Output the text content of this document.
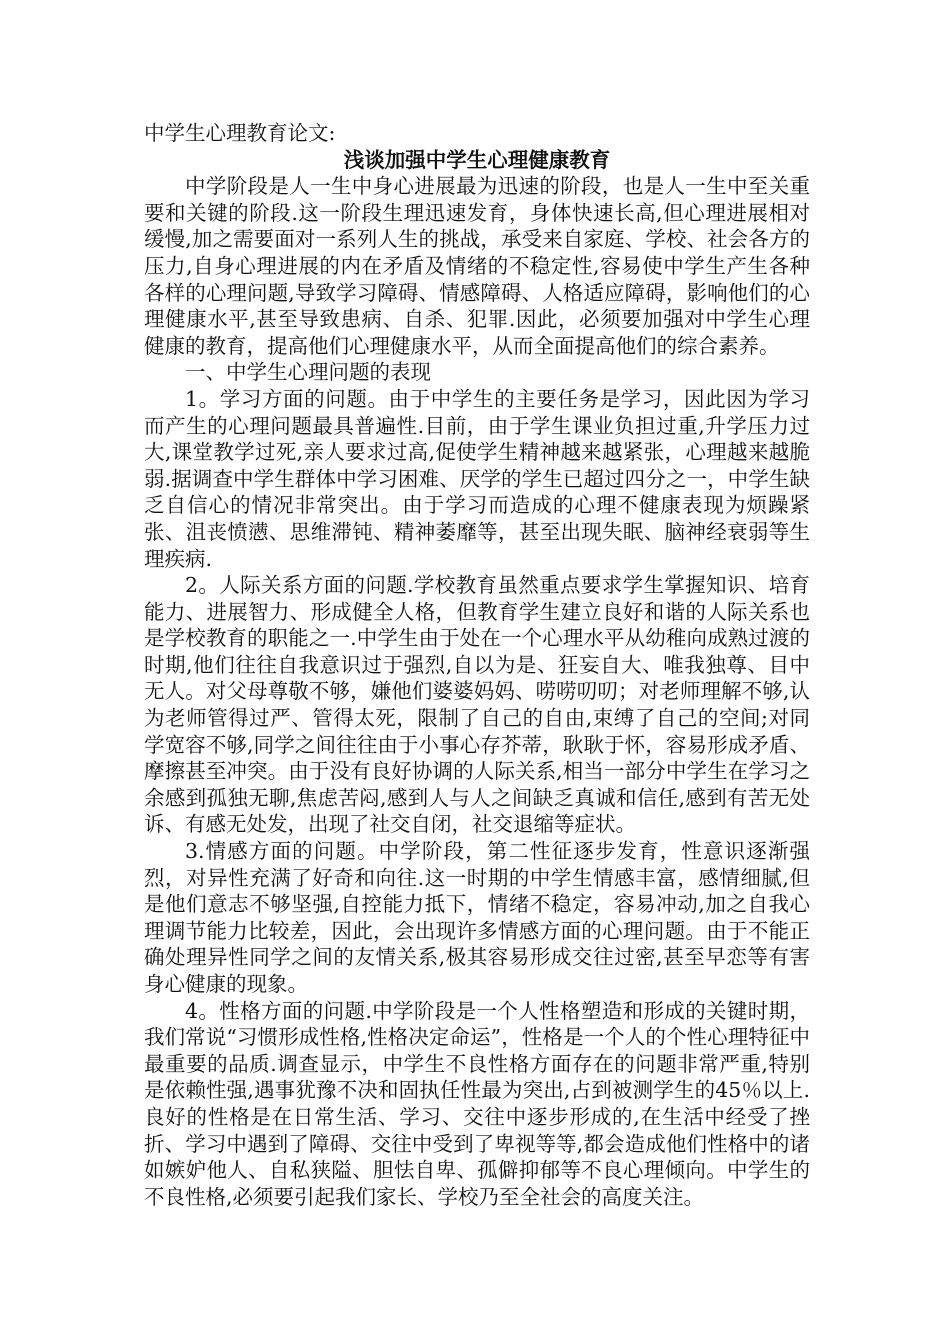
中学生心理教育论文:

浅谈加强中学生心理健康教育

中学阶段是人一生中身心进展最为迅速的阶段，也是人一生中至关重要和关键的阶段.这一阶段生理迅速发育，身体快速长高,但心理进展相对缓慢,加之需要面对一系列人生的挑战，承受来自家庭、学校、社会各方的压力,自身心理进展的内在矛盾及情绪的不稳定性,容易使中学生产生各种各样的心理问题,导致学习障碍、情感障碍、人格适应障碍，影响他们的心理健康水平,甚至导致患病、自杀、犯罪.因此，必须要加强对中学生心理健康的教育，提高他们心理健康水平，从而全面提高他们的综合素养。

一、中学生心理问题的表现

1。学习方面的问题。由于中学生的主要任务是学习，因此因为学习而产生的心理问题最具普遍性.目前，由于学生课业负担过重,升学压力过大,课堂教学过死,亲人要求过高,促使学生精神越来越紧张，心理越来越脆弱.据调查中学生群体中学习困难、厌学的学生已超过四分之一，中学生缺乏自信心的情况非常突出。由于学习而造成的心理不健康表现为烦躁紧张、沮丧愤懑、思维滞钝、精神萎靡等，甚至出现失眠、脑神经衰弱等生理疾病.

2。人际关系方面的问题.学校教育虽然重点要求学生掌握知识、培育能力、进展智力、形成健全人格，但教育学生建立良好和谐的人际关系也是学校教育的职能之一.中学生由于处在一个心理水平从幼稚向成熟过渡的时期,他们往往自我意识过于强烈,自以为是、狂妄自大、唯我独尊、目中无人。对父母尊敬不够，嫌他们婆婆妈妈、唠唠叨叨；对老师理解不够,认为老师管得过严、管得太死，限制了自己的自由,束缚了自己的空间;对同学宽容不够,同学之间往往由于小事心存芥蒂，耿耿于怀，容易形成矛盾、摩擦甚至冲突。由于没有良好协调的人际关系,相当一部分中学生在学习之余感到孤独无聊,焦虑苦闷,感到人与人之间缺乏真诚和信任,感到有苦无处诉、有感无处发，出现了社交自闭，社交退缩等症状。

3.情感方面的问题。中学阶段，第二性征逐步发育，性意识逐渐强烈，对异性充满了好奇和向往.这一时期的中学生情感丰富，感情细腻,但是他们意志不够坚强,自控能力抵下，情绪不稳定，容易冲动,加之自我心理调节能力比较差，因此，会出现许多情感方面的心理问题。由于不能正确处理异性同学之间的友情关系,极其容易形成交往过密,甚至早恋等有害身心健康的现象。

4。性格方面的问题.中学阶段是一个人性格塑造和形成的关键时期，我们常说“习惯形成性格,性格决定命运”，性格是一个人的个性心理特征中最重要的品质.调查显示，中学生不良性格方面存在的问题非常严重,特别是依赖性强,遇事犹豫不决和固执任性最为突出,占到被测学生的45％以上.良好的性格是在日常生活、学习、交往中逐步形成的,在生活中经受了挫折、学习中遇到了障碍、交往中受到了卑视等等,都会造成他们性格中的诸如嫉妒他人、自私狭隘、胆怯自卑、孤僻抑郁等不良心理倾向。中学生的不良性格,必须要引起我们家长、学校乃至全社会的高度关注。
